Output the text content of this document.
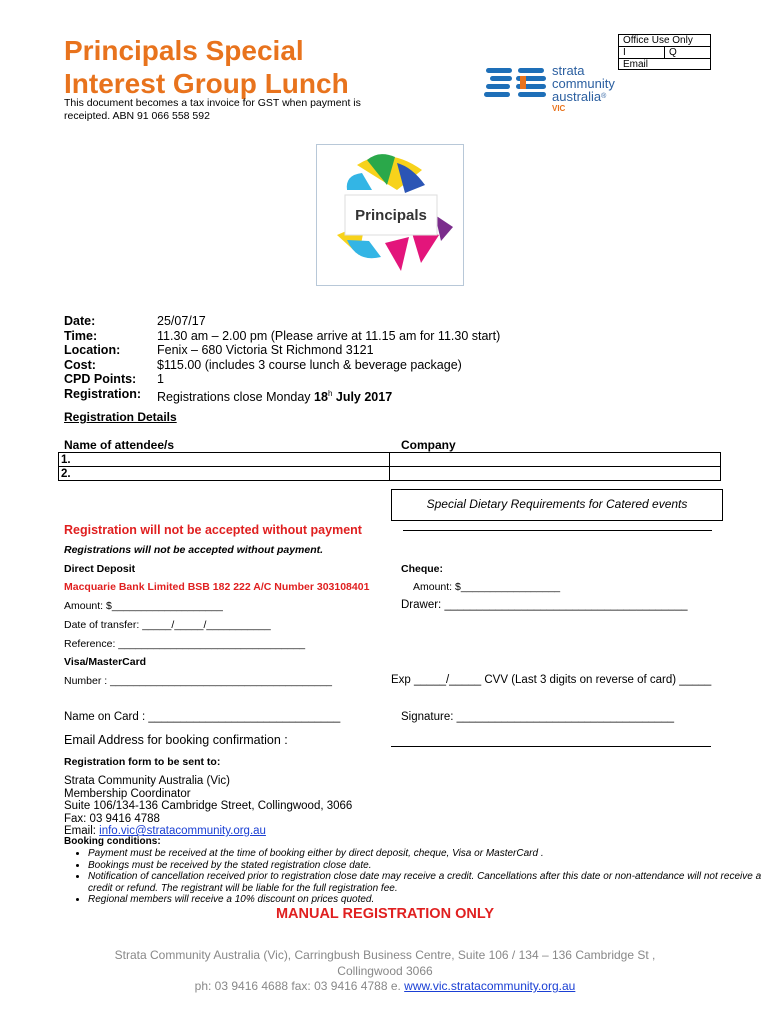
Principals Special
Interest Group Lunch
This document becomes a tax invoice for GST when payment is receipted. ABN 91 066 558 592
Office Use Only
I	Q
Email
strata
community
australia®
VIC
Principals
Date:	25/07/17
Time:	11.30 am – 2.00 pm (Please arrive at 11.15 am for 11.30 start)
Location:	Fenix – 680 Victoria St Richmond 3121
Cost:	$115.00 (includes 3 course lunch & beverage package)
CPD Points:	1
Registration:	Registrations close Monday 18$^h$ July 2017
Registration Details
Name of attendee/s	Company
1.	
2.	
Special Dietary Requirements for Catered events
Registration will not be accepted without payment
Registrations will not be accepted without payment.
Direct Deposit	Cheque:
Macquarie Bank Limited BSB 182 222 A/C Number 303108401	Amount: $_________________
Amount: $___________________	Drawer: ______________________________________
Date of transfer: _____/_____/___________
Reference: ________________________________
Visa/MasterCard
Number : ______________________________________	Exp _____/_____ CVV (Last 3 digits on reverse of card) _____
Name on Card : ______________________________	Signature: __________________________________
Email Address for booking confirmation :
Registration form to be sent to:
Strata Community Australia (Vic)
Membership Coordinator
Suite 106/134-136 Cambridge Street, Collingwood, 3066
Fax: 03 9416 4788
Email: info.vic@stratacommunity.org.au
Booking conditions:
• Payment must be received at the time of booking either by direct deposit, cheque, Visa or MasterCard .
• Bookings must be received by the stated registration close date.
• Notification of cancellation received prior to registration close date may receive a credit. Cancellations after this date or non-attendance will not receive a credit or refund. The registrant will be liable for the full registration fee.
• Regional members will receive a 10% discount on prices quoted.
MANUAL REGISTRATION ONLY
Strata Community Australia (Vic), Carringbush Business Centre, Suite 106 / 134 – 136 Cambridge St ,
Collingwood 3066
ph: 03 9416 4688 fax: 03 9416 4788 e. www.vic.stratacommunity.org.au
